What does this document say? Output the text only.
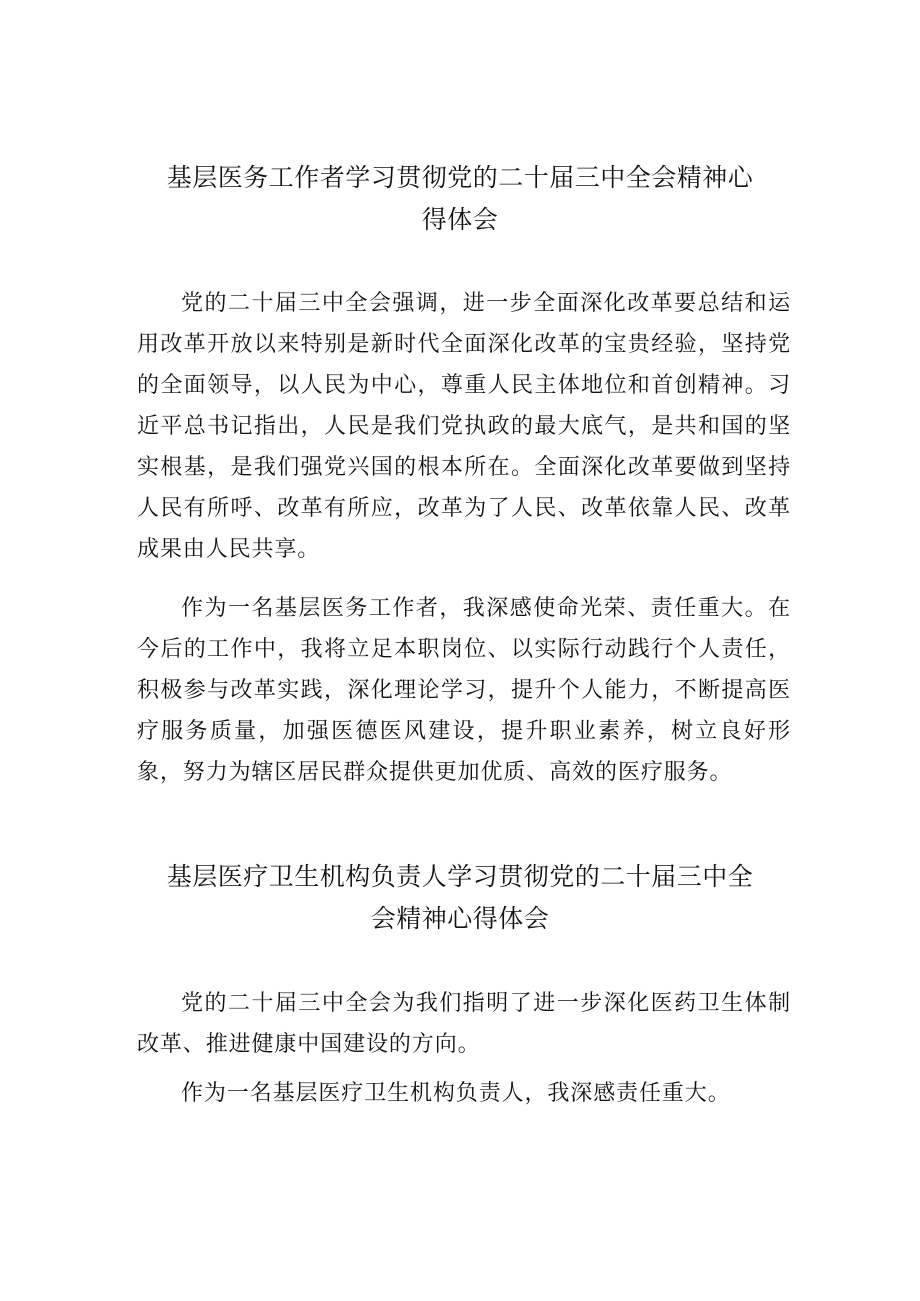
基层医务工作者学习贯彻党的二十届三中全会精神心
得体会

党的二十届三中全会强调，进一步全面深化改革要总结和运用改革开放以来特别是新时代全面深化改革的宝贵经验，坚持党的全面领导，以人民为中心，尊重人民主体地位和首创精神。习近平总书记指出，人民是我们党执政的最大底气，是共和国的坚实根基，是我们强党兴国的根本所在。全面深化改革要做到坚持人民有所呼、改革有所应，改革为了人民、改革依靠人民、改革成果由人民共享。

作为一名基层医务工作者，我深感使命光荣、责任重大。在今后的工作中，我将立足本职岗位、以实际行动践行个人责任，积极参与改革实践，深化理论学习，提升个人能力，不断提高医疗服务质量，加强医德医风建设，提升职业素养，树立良好形象，努力为辖区居民群众提供更加优质、高效的医疗服务。

基层医疗卫生机构负责人学习贯彻党的二十届三中全
会精神心得体会

党的二十届三中全会为我们指明了进一步深化医药卫生体制改革、推进健康中国建设的方向。

作为一名基层医疗卫生机构负责人，我深感责任重大。
